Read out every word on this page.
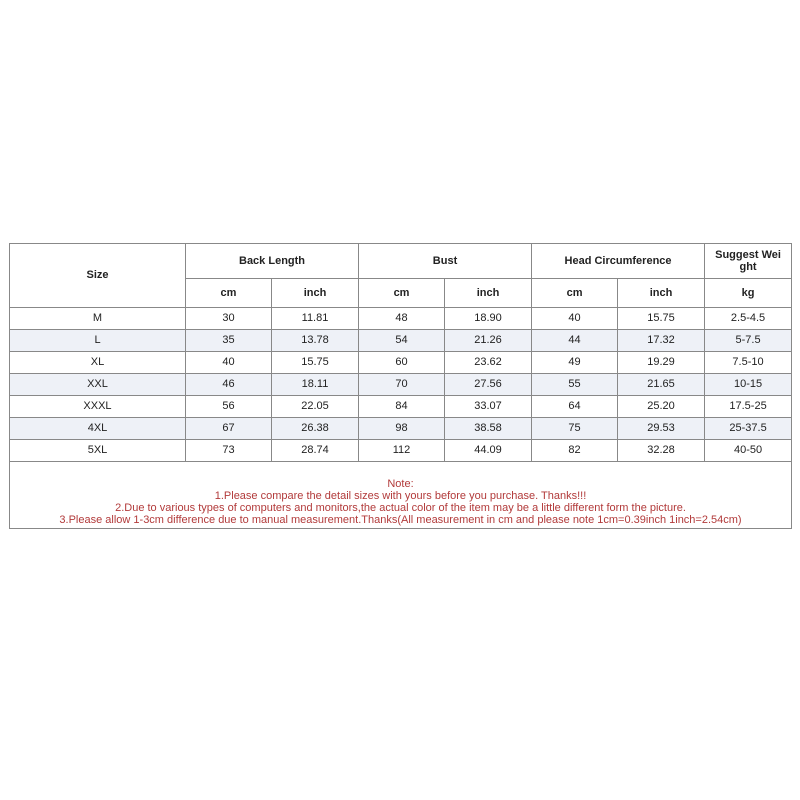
Size	Back Length		Bust		Head Circumference		Suggest Wei ght
	cm	inch	cm	inch	cm	inch	kg
M	30	11.81	48	18.90	40	15.75	2.5-4.5
L	35	13.78	54	21.26	44	17.32	5-7.5
XL	40	15.75	60	23.62	49	19.29	7.5-10
XXL	46	18.11	70	27.56	55	21.65	10-15
XXXL	56	22.05	84	33.07	64	25.20	17.5-25
4XL	67	26.38	98	38.58	75	29.53	25-37.5
5XL	73	28.74	112	44.09	82	32.28	40-50

Note:
1.Please compare the detail sizes with yours before you purchase. Thanks!!!
2.Due to various types of computers and monitors,the actual color of the item may be a little different form the picture.
3.Please allow 1-3cm difference due to manual measurement.Thanks(All measurement in cm and please note 1cm=0.39inch 1inch=2.54cm)							
